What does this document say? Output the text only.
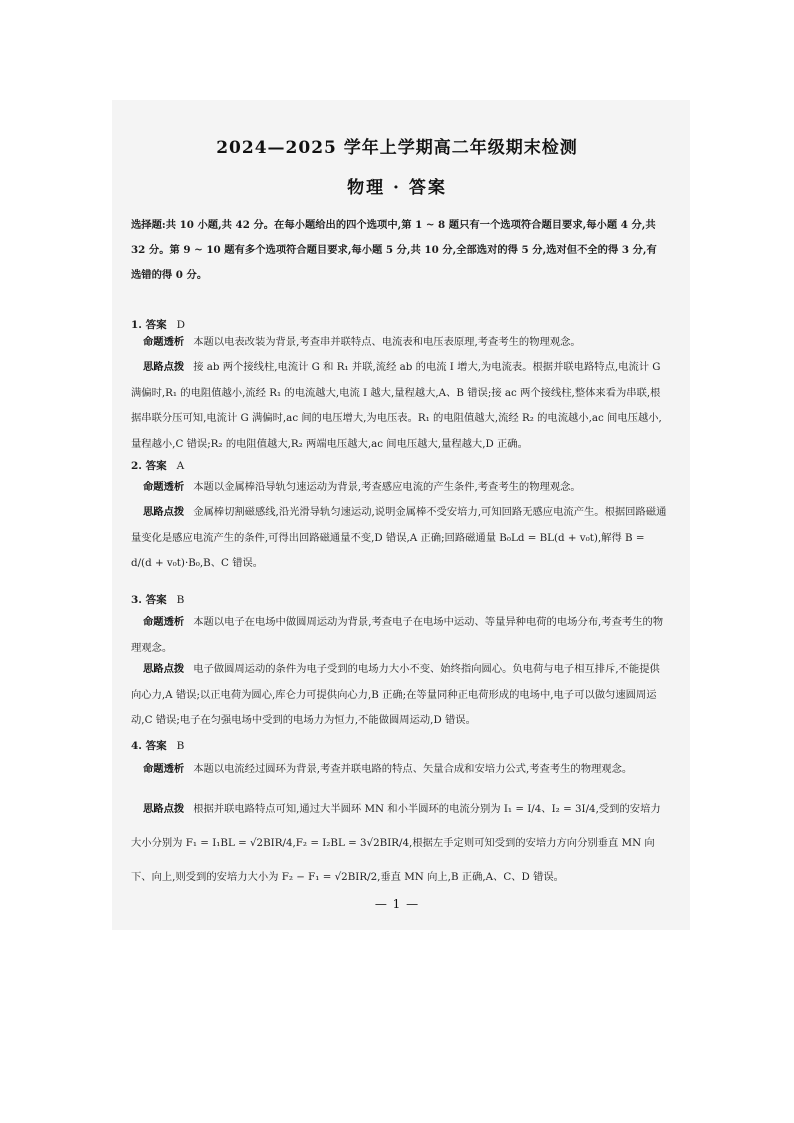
2024—2025 学年上学期高二年级期末检测
物理 · 答案
选择题:共 10 小题,共 42 分。在每小题给出的四个选项中,第 1 ~ 8 题只有一个选项符合题目要求,每小题 4 分,共 32 分。第 9 ~ 10 题有多个选项符合题目要求,每小题 5 分,共 10 分,全部选对的得 5 分,选对但不全的得 3 分,有选错的得 0 分。
1. 答案 D
命题透析 本题以电表改装为背景,考查串并联特点、电流表和电压表原理,考查考生的物理观念。
思路点拨 接 ab 两个接线柱,电流计 G 和 R₁ 并联,流经 ab 的电流 I 增大,为电流表。根据并联电路特点,电流计 G 满偏时,R₁ 的电阻值越小,流经 R₁ 的电流越大,电流 I 越大,量程越大,A、B 错误;接 ac 两个接线柱,整体来看为串联,根据串联分压可知,电流计 G 满偏时,ac 间的电压增大,为电压表。R₁ 的电阻值越大,流经 R₂ 的电流越小,ac 间电压越小,量程越小,C 错误;R₂ 的电阻值越大,R₂ 两端电压越大,ac 间电压越大,量程越大,D 正确。
2. 答案 A
命题透析 本题以金属棒沿导轨匀速运动为背景,考查感应电流的产生条件,考查考生的物理观念。
思路点拨 金属棒切割磁感线,沿光滑导轨匀速运动,说明金属棒不受安培力,可知回路无感应电流产生。根据回路磁通量变化是感应电流产生的条件,可得出回路磁通量不变,D 错误,A 正确;回路磁通量 B₀Ld = BL(d + v₀t),解得 B = d/(d + v₀t)·B₀,B、C 错误。
3. 答案 B
命题透析 本题以电子在电场中做圆周运动为背景,考查电子在电场中运动、等量异种电荷的电场分布,考查考生的物理观念。
思路点拨 电子做圆周运动的条件为电子受到的电场力大小不变、始终指向圆心。负电荷与电子相互排斥,不能提供向心力,A 错误;以正电荷为圆心,库仑力可提供向心力,B 正确;在等量同种正电荷形成的电场中,电子可以做匀速圆周运动,C 错误;电子在匀强电场中受到的电场力为恒力,不能做圆周运动,D 错误。
4. 答案 B
命题透析 本题以电流经过圆环为背景,考查并联电路的特点、矢量合成和安培力公式,考查考生的物理观念。
思路点拨 根据并联电路特点可知,通过大半圆环 MN 和小半圆环的电流分别为 I₁ = I/4、I₂ = 3I/4,受到的安培力大小分别为 F₁ = I₁BL = √2BIR/4,F₂ = I₂BL = 3√2BIR/4,根据左手定则可知受到的安培力方向分别垂直 MN 向下、向上,则受到的安培力大小为 F₂ − F₁ = √2BIR/2,垂直 MN 向上,B 正确,A、C、D 错误。
— 1 —
